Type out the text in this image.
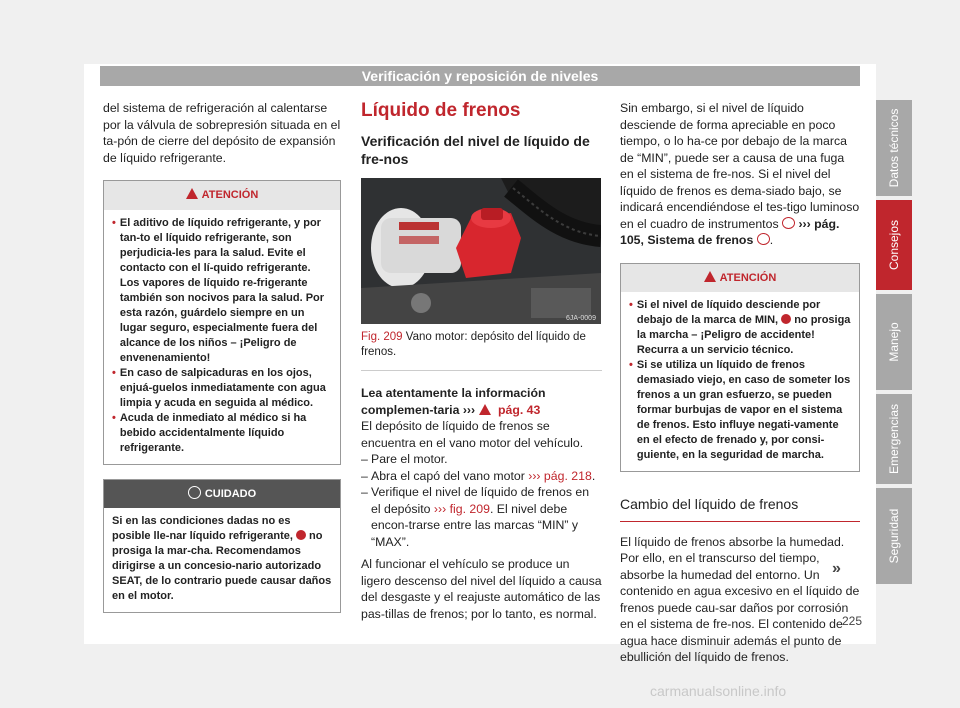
Verificación y reposición de niveles

del sistema de refrigeración al calentarse por la válvula de sobrepresión situada en el ta-pón de cierre del depósito de expansión de líquido refrigerante.

ATENCIÓN
• El aditivo de líquido refrigerante, y por tan-to el líquido refrigerante, son perjudicia-les para la salud. Evite el contacto con el lí-quido refrigerante. Los vapores de líquido re-frigerante también son nocivos para la salud. Por esta razón, guárdelo siempre en un lugar seguro, especialmente fuera del alcance de los niños – ¡Peligro de envenenamiento!
• En caso de salpicaduras en los ojos, enjuá-guelos inmediatamente con agua limpia y acuda en seguida al médico.
• Acuda de inmediato al médico si ha bebido accidentalmente líquido refrigerante.
CUIDADO
Si en las condiciones dadas no es posible lle-nar líquido refrigerante, no prosiga la mar-cha. Recomendamos dirigirse a un concesio-nario autorizado SEAT, de lo contrario puede causar daños en el motor.
Líquido de frenos
Verificación del nivel de líquido de fre-nos
6JA-0009
Fig. 209 Vano motor: depósito del líquido de frenos.

Lea atentamente la información complemen-taria ››› pág. 43

El depósito de líquido de frenos se encuentra en el vano motor del vehículo.

– Pare el motor.
– Abra el capó del vano motor ››› pág. 218.
– Verifique el nivel de líquido de frenos en el depósito ››› fig. 209. El nivel debe encon-trarse entre las marcas “MIN” y “MAX”.

Al funcionar el vehículo se produce un ligero descenso del nivel del líquido a causa del desgaste y el reajuste automático de las pas-tillas de frenos; por lo tanto, es normal.

Sin embargo, si el nivel de líquido desciende de forma apreciable en poco tiempo, o lo ha-ce por debajo de la marca de “MIN”, puede ser a causa de una fuga en el sistema de fre-nos. Si el nivel del líquido de frenos es dema-siado bajo, se indicará encendiéndose el tes-tigo luminoso en el cuadro de instrumentos ››› pág. 105, Sistema de frenos .

ATENCIÓN
• Si el nivel de líquido desciende por debajo de la marca de MIN, no prosiga la marcha – ¡Peligro de accidente! Recurra a un servicio técnico.
• Si se utiliza un líquido de frenos demasiado viejo, en caso de someter los frenos a un gran esfuerzo, se pueden formar burbujas de vapor en el sistema de frenos. Esto influye negati-vamente en el efecto de frenado y, por consi-guiente, en la seguridad de marcha.
Cambio del líquido de frenos

El líquido de frenos absorbe la humedad. Por ello, en el transcurso del tiempo, absorbe la humedad del entorno. Un contenido en agua excesivo en el líquido de frenos puede cau-sar daños por corrosión en el sistema de fre-nos. El contenido de agua hace disminuir además el punto de ebullición del líquido de frenos.

»
Datos técnicos
Consejos
Manejo
Emergencias
Seguridad
225
carmanualsonline.info
